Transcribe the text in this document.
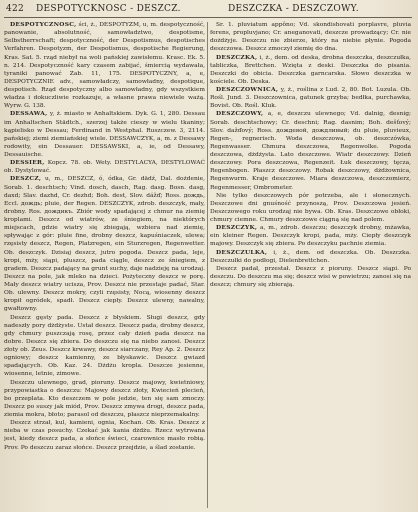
422 DESPOTYCKNOSC - DESZCZ.	DESZCZKA - DESZCZOWY.

DESPOTYCZNOSC, ści, ż., DESPOTYZM, u, m. despotyczność, panowanie, absolutność, samowładztwo, despotisme, Selbstherrschaft; despotyczność, der Despotismus, despotisches Verfahren. Despotyzm, der Despotismus, despotische Regierung, Kras. Sat. 5. rząd niebył na woli pańskiej zawisłemu. Krasc. Ek. 5. n. 214. Despotyczność kary czasem zabijać, śmiercią wydawała, tyraniki panować Zab. 11, 175. DESPOTYCZNY, a, e, DESPOTYCZNIE adv., samowładczy, samowładny, despotique, despotisch. Rząd despotyczny albo samowładny, gdy wszystkiem władza i dokuczliwie rozkazuje, a własne prawa niewiele ważą. Wyrw. G. 138.

DESSAWA, y, ż. miasto w Anhaltskiem. Dyk. G. 1, 280. Dessau im Anhaltschen Städtch., szerzej także cieszy w wielu tkaniny; kąpielisko w Dessau; Ferdinand in Westphal. Ruszczew. 3, 2114. pańskiej; ziemi ziemiańskiej wiele. DESSAWCZYK, a, m. z Dessawy rodowity, ein Dessauer. DESSAWSKI, a, ie, od Dessawy, Dessauische.

DESSIER, Kopcz. 78. ob. Wety. DESTYLACYA, DESTYLOWAĆ ob. Dystylować.

DESZCZ, u, m., DESZCZ, ó, ódka, Gr. dädź, Dal. dożdenie, Sorab. 1. deschtsch; Vind. dosch, dasch, Rag. dasg. Bosn. dasg, daxd; Slav. dazhd, Cr. dezhd; Boh. dest, Slov. dážď; Ross. дождь, Eccl. дождь; pluie, der Regen. DESZCZYK, zdrob. deszczyk, mały, drobny. Ros. дождикъ. Zbiór wody spadającej z chmur na ziemię kroplami. Deszcz od wiatrów, ze śniegiem, na niektórych miejscach, gdzie wiatry się zbiegają, wzbiera nad ziemię, spływając z gór: pluie fine, drobny deszcz, kapuśniaczek, ulewa; rzęsisty deszcz, Regen, Platzregen, ein Sturzregen, Regenwetter. Ob. deszczyk. Dzisiaj deszcz, jutro pogoda. Deszcz pada, leje, kropi, mży, siąpi, pluszcz, pada ciągle, deszcz ze śniegiem, z gradem. Deszcz padający na grunt suchy, daje nadzieję na urodzaj. Deszcz na pole, jak mleko na dzieci. Pożyteczny deszcz w porę. Mały deszcz wiatry ucisza, Prov. Deszcz nie przestaje padać, Star. Ob. ulewny. Deszcz mokry, czyli rzęsisty, Nocą, wiosenny deszcz kropił ogródek, spadł. Deszcz ciepły. Deszcz ulewny, nawalny, gwałtowny.

Deszcz gęsty pada. Deszcz z błyskiem. Sługi deszcz, gdy nadeszły pory dżdżyste. Ustał deszcz. Deszcz pada, drobny deszcz, gdy chmury puszczają rosę, przez cały dzień pada deszcz na dobre. Deszcz się zbiera. Do deszczu się na niebo zanosi. Deszcz złoty ob. Zeus. Deszcz krwawy, deszcz siarczany, Rey Ap. 2. Deszcz ogniowy; deszcz kamienny, ze błyskawic. Deszcz gwiazd spadających. Ob. Kaz. 24. Dżdżu kropla. Deszcze jesienne, wiosenne, letnie, zimowe.

Deszczu ulewnego, grad, pioruny. Deszcz majowy, kwietniowy, przypowiastka o deszczu: Majowy deszcz złoty, Kwiecień plecień, bo przeplata. Kto deszczem w pole jedzie, ten się sam zmoczy. Deszcz po suszy jak miód, Prov. Deszcz zmywa drogi, deszcz pada, ziemia mokra, błoto; parasol od deszczu, płaszcz nieprzemakalny.

Deszcz strzał, kul, kamieni, ognia, Kochan. Ob. Kras. Deszcz z nieba w czas posuchy. Czekać jak kania dżdżu. Rzecz wytrwana jest, kiedy deszcz pada, a słońce świeci, czarownice masło robią. Prov. Po deszczu zaraz słońce. Deszcz przejdzie, a ślad zostanie.

Sr. 1. pluviatum appôno; Vd. skondishovati porplavre, pluvia ferens, propluvjano; Cr. aneganovati, deszcze prowadzący; Cr. nie dożdżyje. Deszczu nie zbierze, który na niebie płynie. Pogoda deszczowa. Deszcz zmoczył ziemię do dna.

DESZCZKA, i, ż., dem. od deska, drobna deszczka, deszczułka, tabliczka, Brettchen. Wzięta z deski. Deszczka do pisania. Deszczki do obicia. Deszczka garncarska. Słowo deszczka w kościele. Ob. Deska.

DESZCZOWNICA, y, ż., roślina z Lud. 2, 80. Bot. Luzula. Ob. Rośl. Jund. 3. Deszczownica, gatunek grzyba; bedłka, purchawka, Bovist. Ob. Rośl. Kluk.

DESZCZOWY, a, e, deszczu ulewnego; Vd. dalnig, desnig; Sorab. deschtschowy; Cr. deschni; Rag. dasnim; Boh. dešťový; Slov. dažďový; Ross. дождевой, дождливый; du pluie, pluvieux, Regen-, regnerisch. Woda deszczowa, ob. deszczówka, Regenwasser. Chmura deszczowa, Regenwolke. Pogoda deszczowa, dżdżysta. Lato deszczowe. Wiatr deszczowy. Dzień deszczowy. Pora deszczowa, Regenzeit. Łuk deszczowy, tęcza, Regenbogen. Płaszcz deszczowy. Robak deszczowy, dżdżownica, Regenwurm. Kraje deszczowe. Miara deszczowa, deszczomierz, Regenmesser, Ombrometer.

Nie tylko deszczowych pór potrzeba, ale i słonecznych. Deszczowe dni gnuśność przynoszą, Prov. Deszczowa jesień. Deszczowego roku urodzaj nie bywa. Ob. Kras. Deszczowe obłoki, chmury ciemne. Chmury deszczowe ciągną się nad polem.

DESZCZYK, a, m., zdrob. deszczu; deszczyk drobny, mżawka, ein kleiner Regen. Deszczyk kropi, pada, mży. Ciepły deszczyk majowy. Deszczyk się zbiera. Po deszczyku pachnie ziemia.

DESZCZULKA, i, ż., dem. od deszczka. Ob. Deszczka. Deszczułki do podłogi, Dielenbrettchen.

Deszcz padał, przestał. Deszcz z pioruny. Deszcz siąpi. Po deszczu. Do deszczu ma się; deszcz wisi w powietrzu; zanosi się na deszcz; chmury się zbierają.
